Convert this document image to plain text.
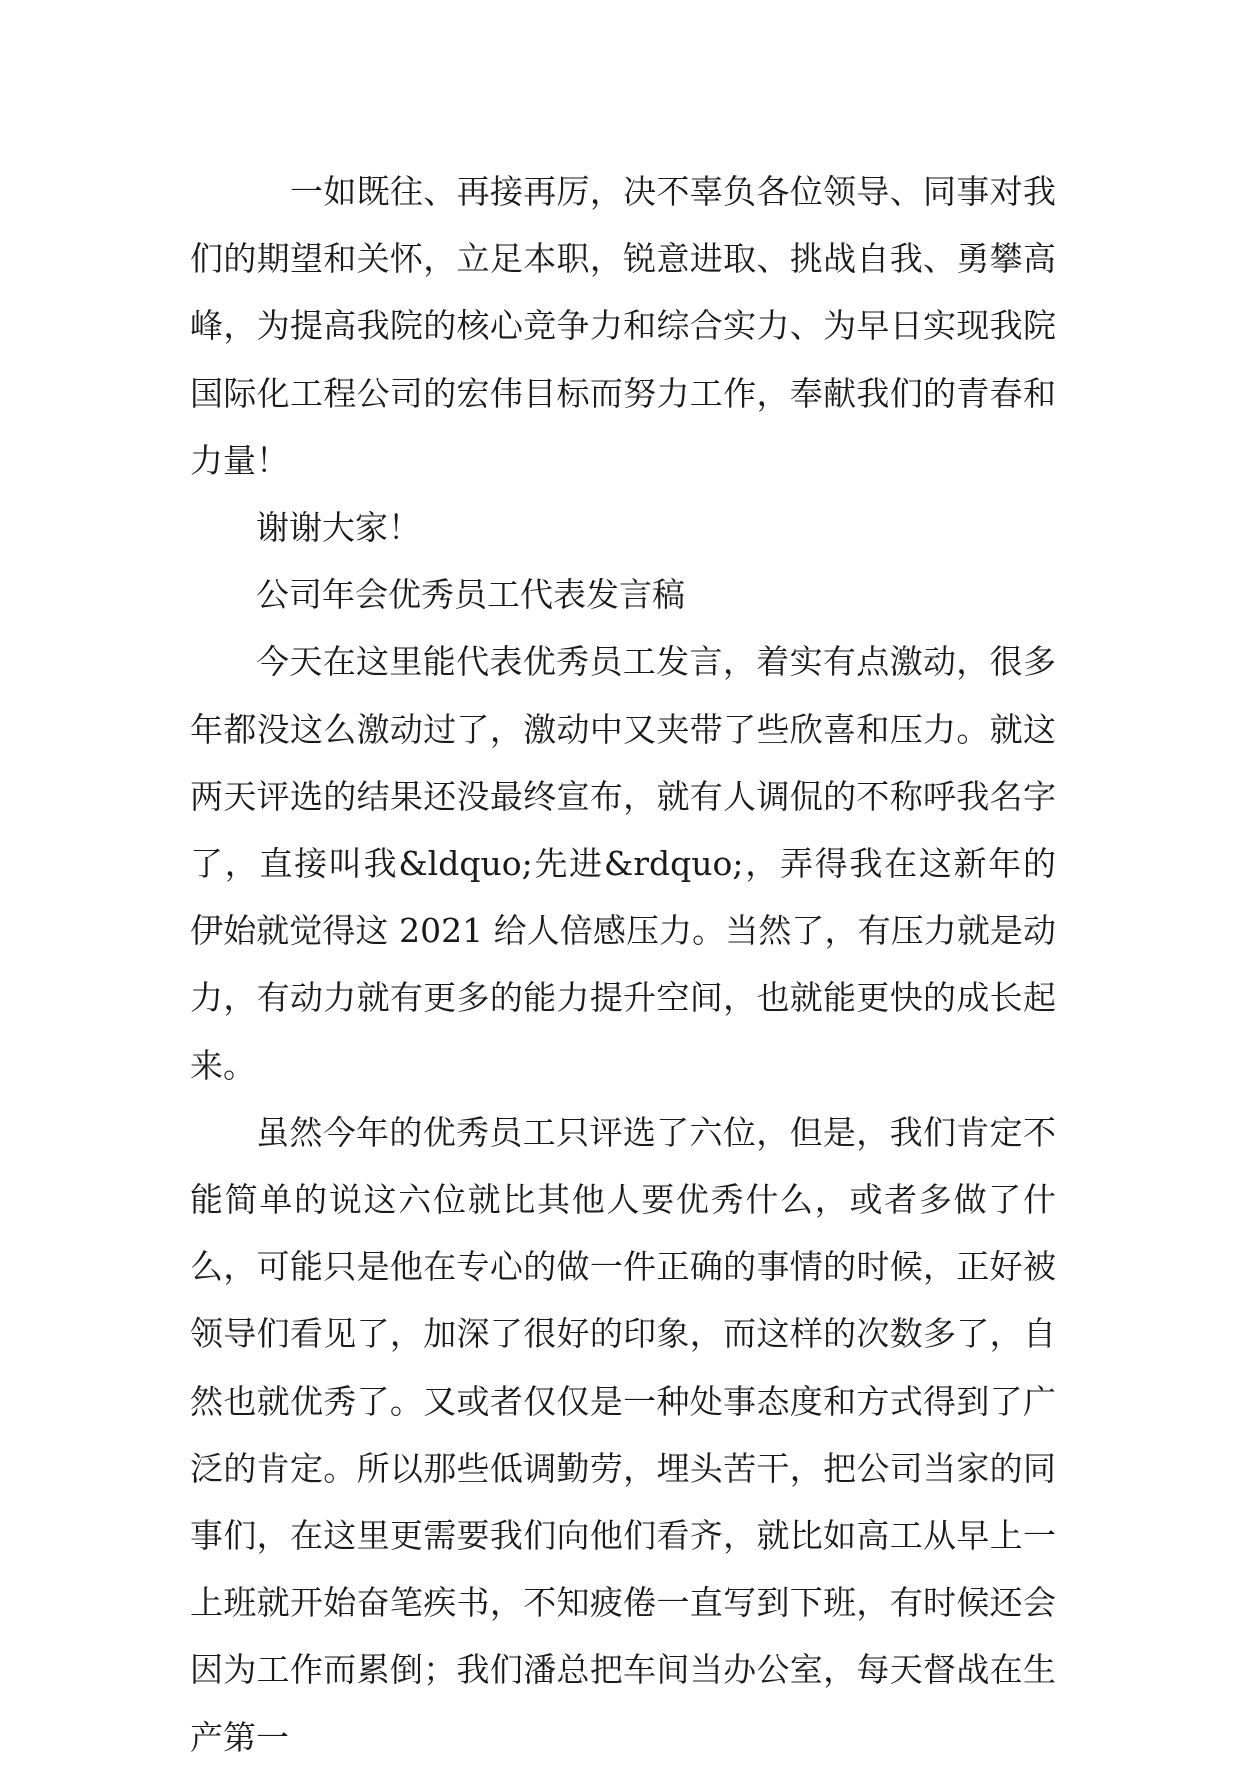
一如既往、再接再厉，决不辜负各位领导、同事对我们的期望和关怀，立足本职，锐意进取、挑战自我、勇攀高峰，为提高我院的核心竞争力和综合实力、为早日实现我院国际化工程公司的宏伟目标而努力工作，奉献我们的青春和力量！

谢谢大家！

公司年会优秀员工代表发言稿

今天在这里能代表优秀员工发言，着实有点激动，很多年都没这么激动过了，激动中又夹带了些欣喜和压力。就这两天评选的结果还没最终宣布，就有人调侃的不称呼我名字了，直接叫我&ldquo;先进&rdquo;，弄得我在这新年的伊始就觉得这 2021 给人倍感压力。当然了，有压力就是动力，有动力就有更多的能力提升空间，也就能更快的成长起来。

虽然今年的优秀员工只评选了六位，但是，我们肯定不能简单的说这六位就比其他人要优秀什么，或者多做了什么，可能只是他在专心的做一件正确的事情的时候，正好被领导们看见了，加深了很好的印象，而这样的次数多了，自然也就优秀了。又或者仅仅是一种处事态度和方式得到了广泛的肯定。所以那些低调勤劳，埋头苦干，把公司当家的同事们，在这里更需要我们向他们看齐，就比如高工从早上一上班就开始奋笔疾书，不知疲倦一直写到下班，有时候还会因为工作而累倒；我们潘总把车间当办公室，每天督战在生产第一
